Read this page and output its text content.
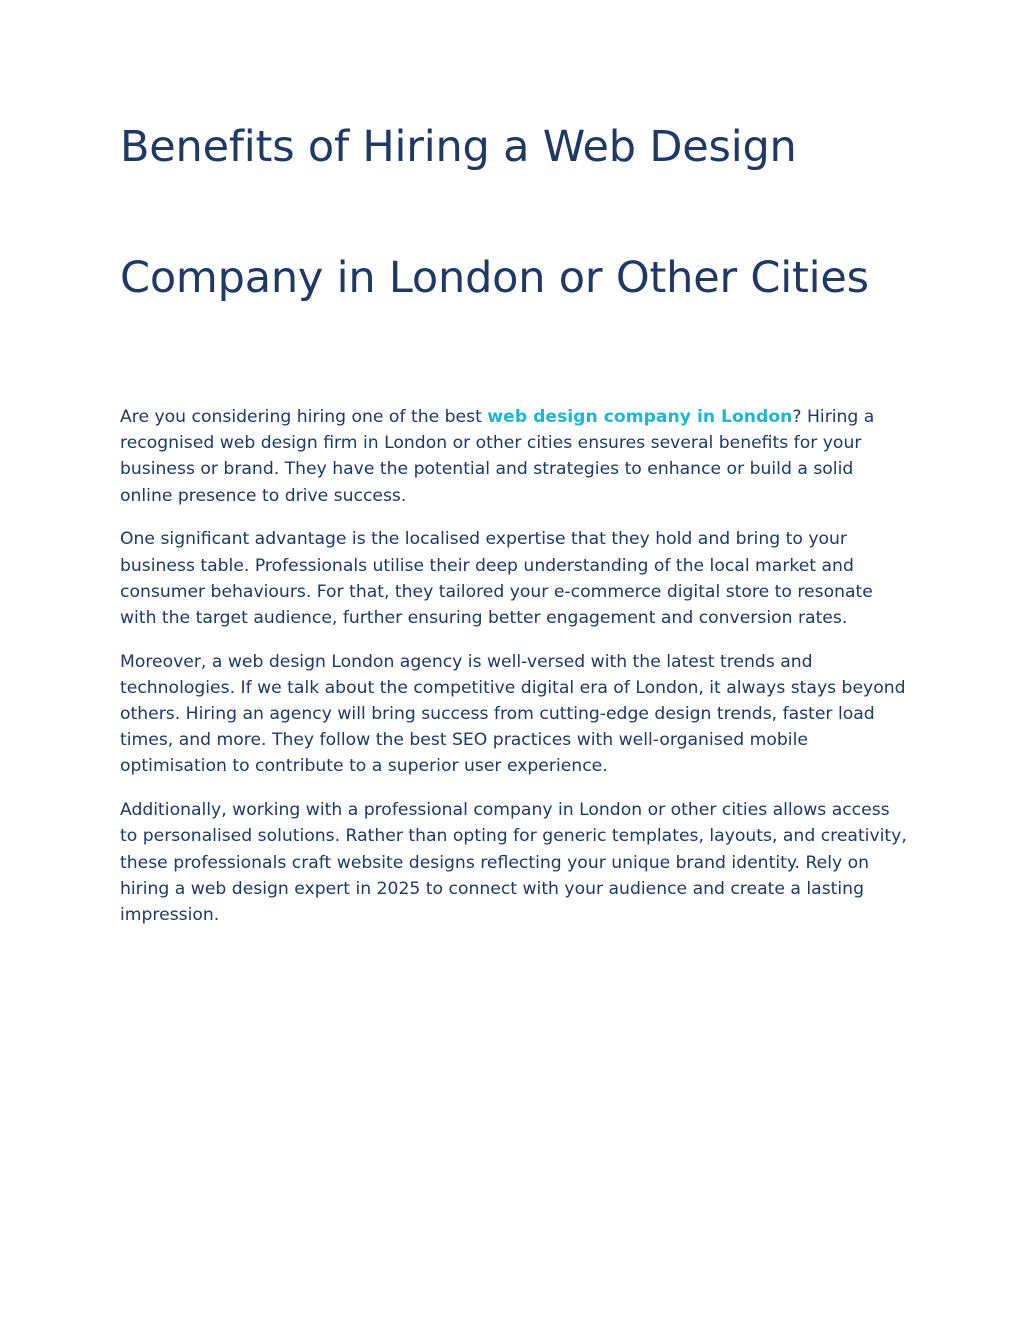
Benefits of Hiring a Web Design
Company in London or Other Cities

Are you considering hiring one of the best web design company in London? Hiring a recognised web design firm in London or other cities ensures several benefits for your business or brand. They have the potential and strategies to enhance or build a solid online presence to drive success.

One significant advantage is the localised expertise that they hold and bring to your business table. Professionals utilise their deep understanding of the local market and consumer behaviours. For that, they tailored your e-commerce digital store to resonate with the target audience, further ensuring better engagement and conversion rates.

Moreover, a web design London agency is well-versed with the latest trends and technologies. If we talk about the competitive digital era of London, it always stays beyond others. Hiring an agency will bring success from cutting-edge design trends, faster load times, and more. They follow the best SEO practices with well-organised mobile optimisation to contribute to a superior user experience.

Additionally, working with a professional company in London or other cities allows access to personalised solutions. Rather than opting for generic templates, layouts, and creativity, these professionals craft website designs reflecting your unique brand identity. Rely on hiring a web design expert in 2025 to connect with your audience and create a lasting impression.
